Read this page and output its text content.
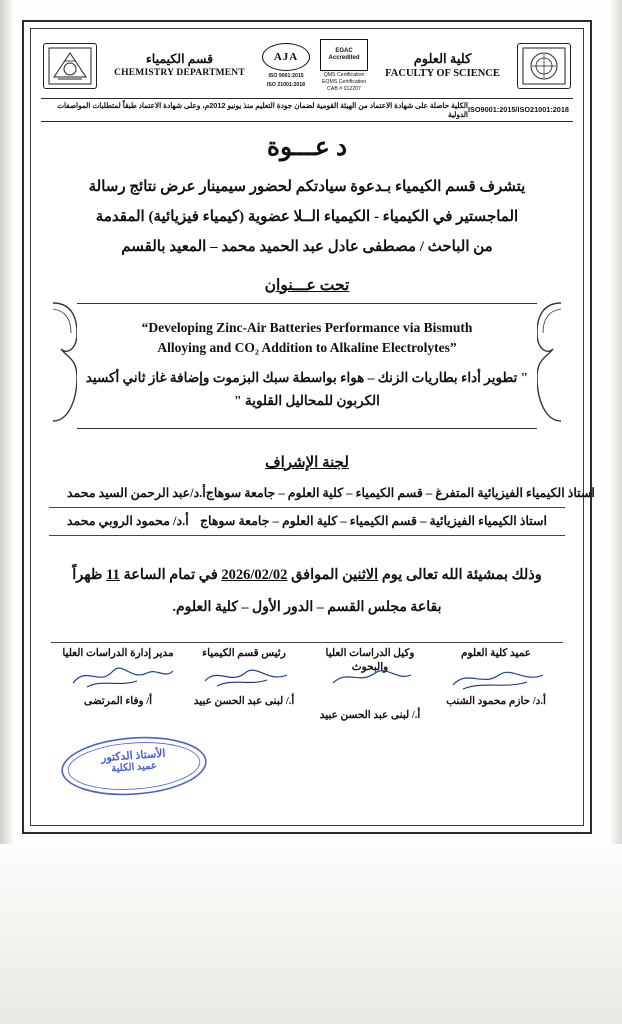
قسم الكيمياء
CHEMISTRY DEPARTMENT
EGAC
Accredited
QMS Certification
EOMS Certification
CAB # 012207
AJA
ISO 9001:2015
ISO 21001:2018
كلية العلوم
FACULTY OF SCIENCE
الكلية حاصلة على شهادة الاعتماد من الهيئة القومية لضمان جودة التعليم منذ يونيو 2012م، وعلى شهادة الاعتماد طبقاً لمتطلبات المواصفات الدولية ISO9001:2015/ISO21001:2018
د عـــوة
يتشرف قسم الكيمياء بـدعوة سيادتكم لحضور سيمينار عرض نتائج رسالة
الماجستير في الكيمياء - الكيمياء الــلا عضوية (كيمياء فيزيائية) المقدمة
من الباحث / مصطفى عادل عبد الحميد محمد – المعيد بالقسم
تحت عـــنوان
“Developing Zinc-Air Batteries Performance via Bismuth
Alloying and CO₂ Addition to Alkaline Electrolytes”
" تطوير أداء بطاريات الزنك – هواء بواسطة سبك البزموت وإضافة غاز ثاني أكسيد
الكربون للمحاليل القلوية "
لجنة الإشراف
أ.د/عبد الرحمن السيد محمد استاذ الكيمياء الفيزيائية المتفرغ – قسم الكيمياء – كلية العلوم – جامعة سوهاج
أ.د/ محمود الروبي محمد استاذ الكيمياء الفيزيائية – قسم الكيمياء – كلية العلوم – جامعة سوهاج
وذلك بمشيئة الله تعالى يوم الاثنين الموافق 2026/02/02 في تمام الساعة 11 ظهراً
بقاعة مجلس القسم – الدور الأول – كلية العلوم.
مدير إدارة الدراسات العليا
أ/ وفاء المرتضى
رئيس قسم الكيمياء
أ./ لبنى عبد الحسن عبيد
وكيل الدراسات العليا والبحوث
أ./ لبنى عبد الحسن عبيد
عميد كلية العلوم
أ.د/ حازم محمود الشنب
الأستاذ الدكتور
عميد الكلية
